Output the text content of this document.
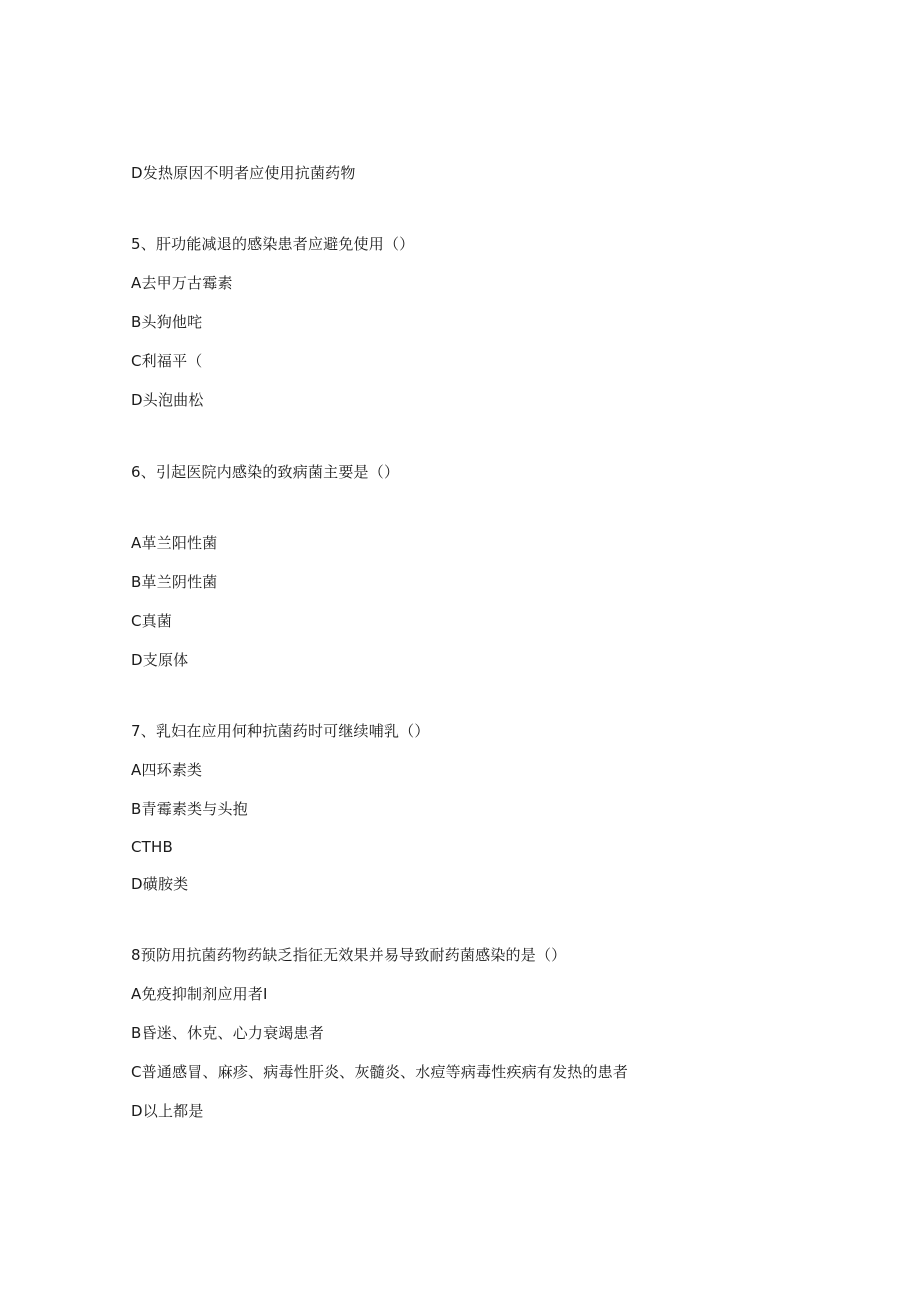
D发热原因不明者应使用抗菌药物
5、肝功能减退的感染患者应避免使用（）
A去甲万古霉素
B头狗他咤
C利福平（
D头泡曲松
6、引起医院内感染的致病菌主要是（）
A革兰阳性菌
B革兰阴性菌
C真菌
D支原体
7、乳妇在应用何种抗菌药时可继续哺乳（）
A四环素类
B青霉素类与头抱
CTHB
D磺胺类
8预防用抗菌药物药缺乏指征无效果并易导致耐药菌感染的是（）
A免疫抑制剂应用者I
B昏迷、休克、心力衰竭患者
C普通感冒、麻疹、病毒性肝炎、灰髓炎、水痘等病毒性疾病有发热的患者
D以上都是
